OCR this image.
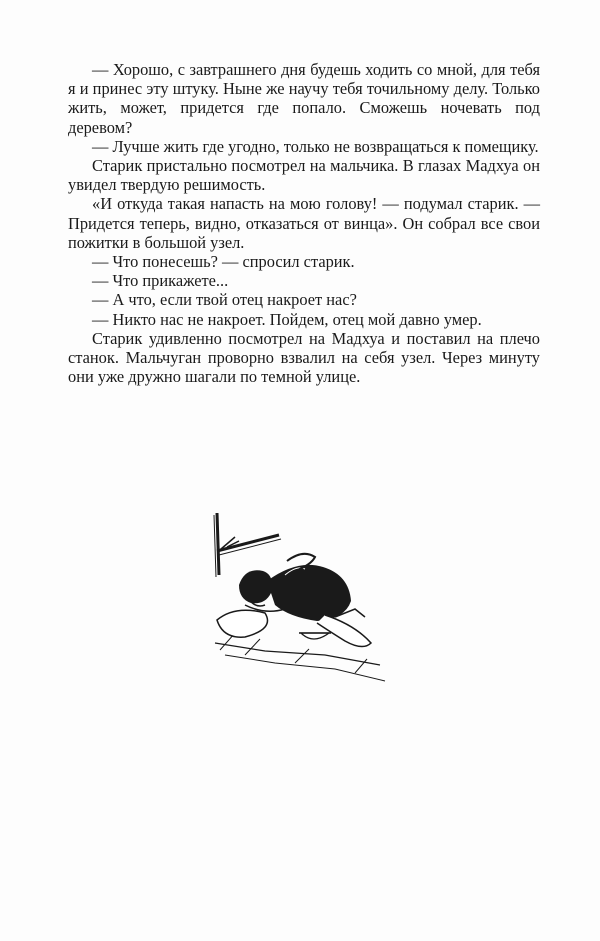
— Хорошо, с завтрашнего дня будешь ходить со мной, для тебя я и принес эту штуку. Ныне же научу тебя точильному делу. Только жить, может, придется где попало. Сможешь ночевать под деревом?

— Лучше жить где угодно, только не возвращаться к помещику.

Старик пристально посмотрел на мальчика. В глазах Мадхуа он увидел твердую решимость.

«И откуда такая напасть на мою голову! — подумал старик. — Придется теперь, видно, отказаться от винца». Он собрал все свои пожитки в большой узел.

— Что понесешь? — спросил старик.

— Что прикажете...

— А что, если твой отец накроет нас?

— Никто нас не накроет. Пойдем, отец мой давно умер.

Старик удивленно посмотрел на Мадхуа и поставил на плечо станок. Мальчуган проворно взвалил на себя узел. Через минуту они уже дружно шагали по темной улице.
